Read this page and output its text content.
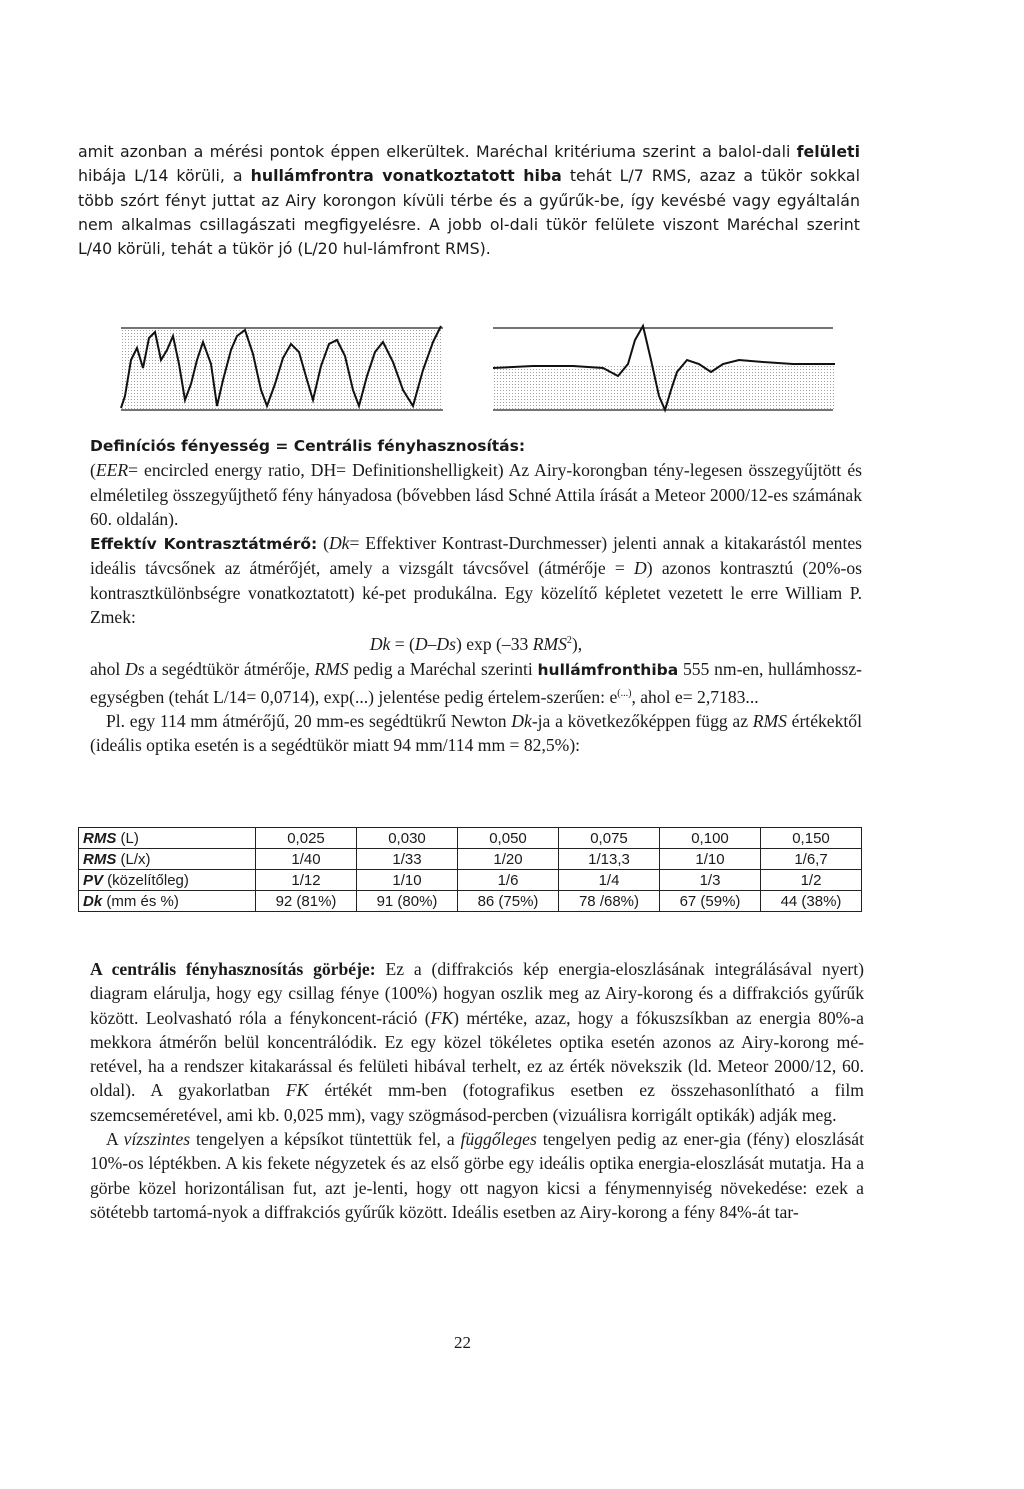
amit azonban a mérési pontok éppen elkerültek. Maréchal kritériuma szerint a balol-dali felületi hibája L/14 körüli, a hullámfrontra vonatkoztatott hiba tehát L/7 RMS, azaz a tükör sokkal több szórt fényt juttat az Airy korongon kívüli térbe és a gyűrűk-be, így kevésbé vagy egyáltalán nem alkalmas csillagászati megfigyelésre. A jobb ol-dali tükör felülete viszont Maréchal szerint L/40 körüli, tehát a tükör jó (L/20 hul-lámfront RMS).

Definíciós fényesség = Centrális fényhasznosítás:

(EER= encircled energy ratio, DH= Definitionshelligkeit) Az Airy-korongban tény-legesen összegyűjtött és elméletileg összegyűjthető fény hányadosa (bővebben lásd Schné Attila írását a Meteor 2000/12-es számának 60. oldalán).

Effektív Kontrasztátmérő: (Dk= Effektiver Kontrast-Durchmesser) jelenti annak a kitakarástól mentes ideális távcsőnek az átmérőjét, amely a vizsgált távcsővel (átmérője = D) azonos kontrasztú (20%-os kontrasztkülönbségre vonatkoztatott) ké-pet produkálna. Egy közelítő képletet vezetett le erre William P. Zmek:

Dk = (D–Ds) exp (–33 RMS$^2$),

ahol Ds a segédtükör átmérője, RMS pedig a Maréchal szerinti hullámfronthiba 555 nm-en, hullámhossz-egységben (tehát L/14= 0,0714), exp(...) jelentése pedig értelem-szerűen: e(...), ahol e= 2,7183...

Pl. egy 114 mm átmérőjű, 20 mm-es segédtükrű Newton Dk-ja a következőképpen függ az RMS értékektől (ideális optika esetén is a segédtükör miatt 94 mm/114 mm = 82,5%):

RMS (L)	0,025	0,030	0,050	0,075	0,100	0,150
RMS (L/x)	1/40	1/33	1/20	1/13,3	1/10	1/6,7
PV (közelítőleg)	1/12	1/10	1/6	1/4	1/3	1/2
Dk (mm és %)	92 (81%)	91 (80%)	86 (75%)	78 /68%)	67 (59%)	44 (38%)

A centrális fényhasznosítás görbéje: Ez a (diffrakciós kép energia-eloszlásának integrálásával nyert) diagram elárulja, hogy egy csillag fénye (100%) hogyan oszlik meg az Airy-korong és a diffrakciós gyűrűk között. Leolvasható róla a fénykoncent-ráció (FK) mértéke, azaz, hogy a fókuszsíkban az energia 80%-a mekkora átmérőn belül koncentrálódik. Ez egy közel tökéletes optika esetén azonos az Airy-korong mé-retével, ha a rendszer kitakarással és felületi hibával terhelt, ez az érték növekszik (ld. Meteor 2000/12, 60. oldal). A gyakorlatban FK értékét mm-ben (fotografikus esetben ez összehasonlítható a film szemcseméretével, ami kb. 0,025 mm), vagy szögmásod-percben (vizuálisra korrigált optikák) adják meg.

A vízszintes tengelyen a képsíkot tüntettük fel, a függőleges tengelyen pedig az ener-gia (fény) eloszlását 10%-os léptékben. A kis fekete négyzetek és az első görbe egy ideális optika energia-eloszlását mutatja. Ha a görbe közel horizontálisan fut, azt je-lenti, hogy ott nagyon kicsi a fénymennyiség növekedése: ezek a sötétebb tartomá-nyok a diffrakciós gyűrűk között. Ideális esetben az Airy-korong a fény 84%-át tar-

22
